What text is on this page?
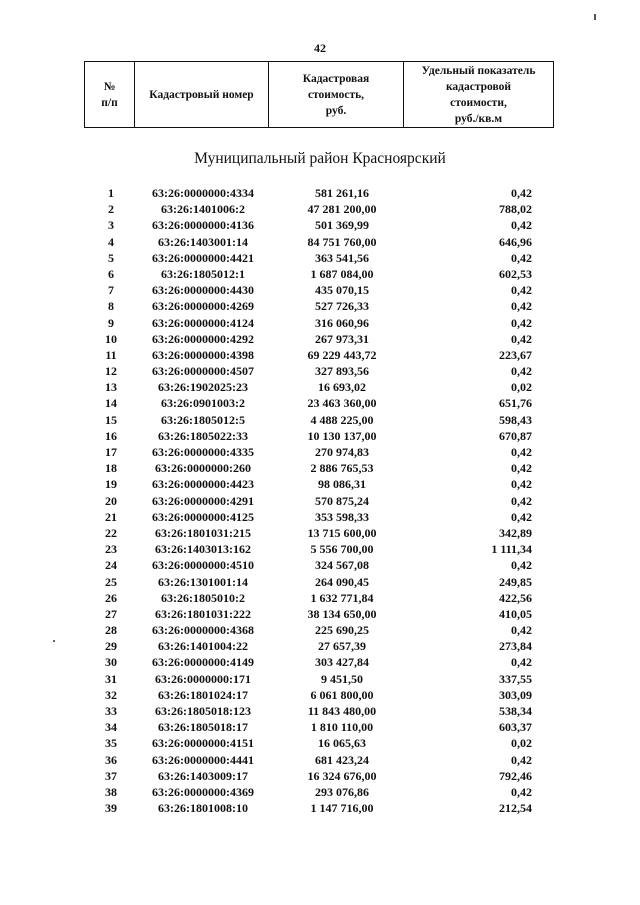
42
№
п/п

Кадастровый номер

Кадастровая
стоимость,
руб.

Удельный показатель
кадастровой
стоимости,
руб./кв.м
Муниципальный район Красноярский
1	63:26:0000000:4334	581 261,16	0,42
2	63:26:1401006:2	47 281 200,00	788,02
3	63:26:0000000:4136	501 369,99	0,42
4	63:26:1403001:14	84 751 760,00	646,96
5	63:26:0000000:4421	363 541,56	0,42
6	63:26:1805012:1	1 687 084,00	602,53
7	63:26:0000000:4430	435 070,15	0,42
8	63:26:0000000:4269	527 726,33	0,42
9	63:26:0000000:4124	316 060,96	0,42
10	63:26:0000000:4292	267 973,31	0,42
11	63:26:0000000:4398	69 229 443,72	223,67
12	63:26:0000000:4507	327 893,56	0,42
13	63:26:1902025:23	16 693,02	0,02
14	63:26:0901003:2	23 463 360,00	651,76
15	63:26:1805012:5	4 488 225,00	598,43
16	63:26:1805022:33	10 130 137,00	670,87
17	63:26:0000000:4335	270 974,83	0,42
18	63:26:0000000:260	2 886 765,53	0,42
19	63:26:0000000:4423	98 086,31	0,42
20	63:26:0000000:4291	570 875,24	0,42
21	63:26:0000000:4125	353 598,33	0,42
22	63:26:1801031:215	13 715 600,00	342,89
23	63:26:1403013:162	5 556 700,00	1 111,34
24	63:26:0000000:4510	324 567,08	0,42
25	63:26:1301001:14	264 090,45	249,85
26	63:26:1805010:2	1 632 771,84	422,56
27	63:26:1801031:222	38 134 650,00	410,05
28	63:26:0000000:4368	225 690,25	0,42
29	63:26:1401004:22	27 657,39	273,84
30	63:26:0000000:4149	303 427,84	0,42
31	63:26:0000000:171	9 451,50	337,55
32	63:26:1801024:17	6 061 800,00	303,09
33	63:26:1805018:123	11 843 480,00	538,34
34	63:26:1805018:17	1 810 110,00	603,37
35	63:26:0000000:4151	16 065,63	0,02
36	63:26:0000000:4441	681 423,24	0,42
37	63:26:1403009:17	16 324 676,00	792,46
38	63:26:0000000:4369	293 076,86	0,42
39	63:26:1801008:10	1 147 716,00	212,54
